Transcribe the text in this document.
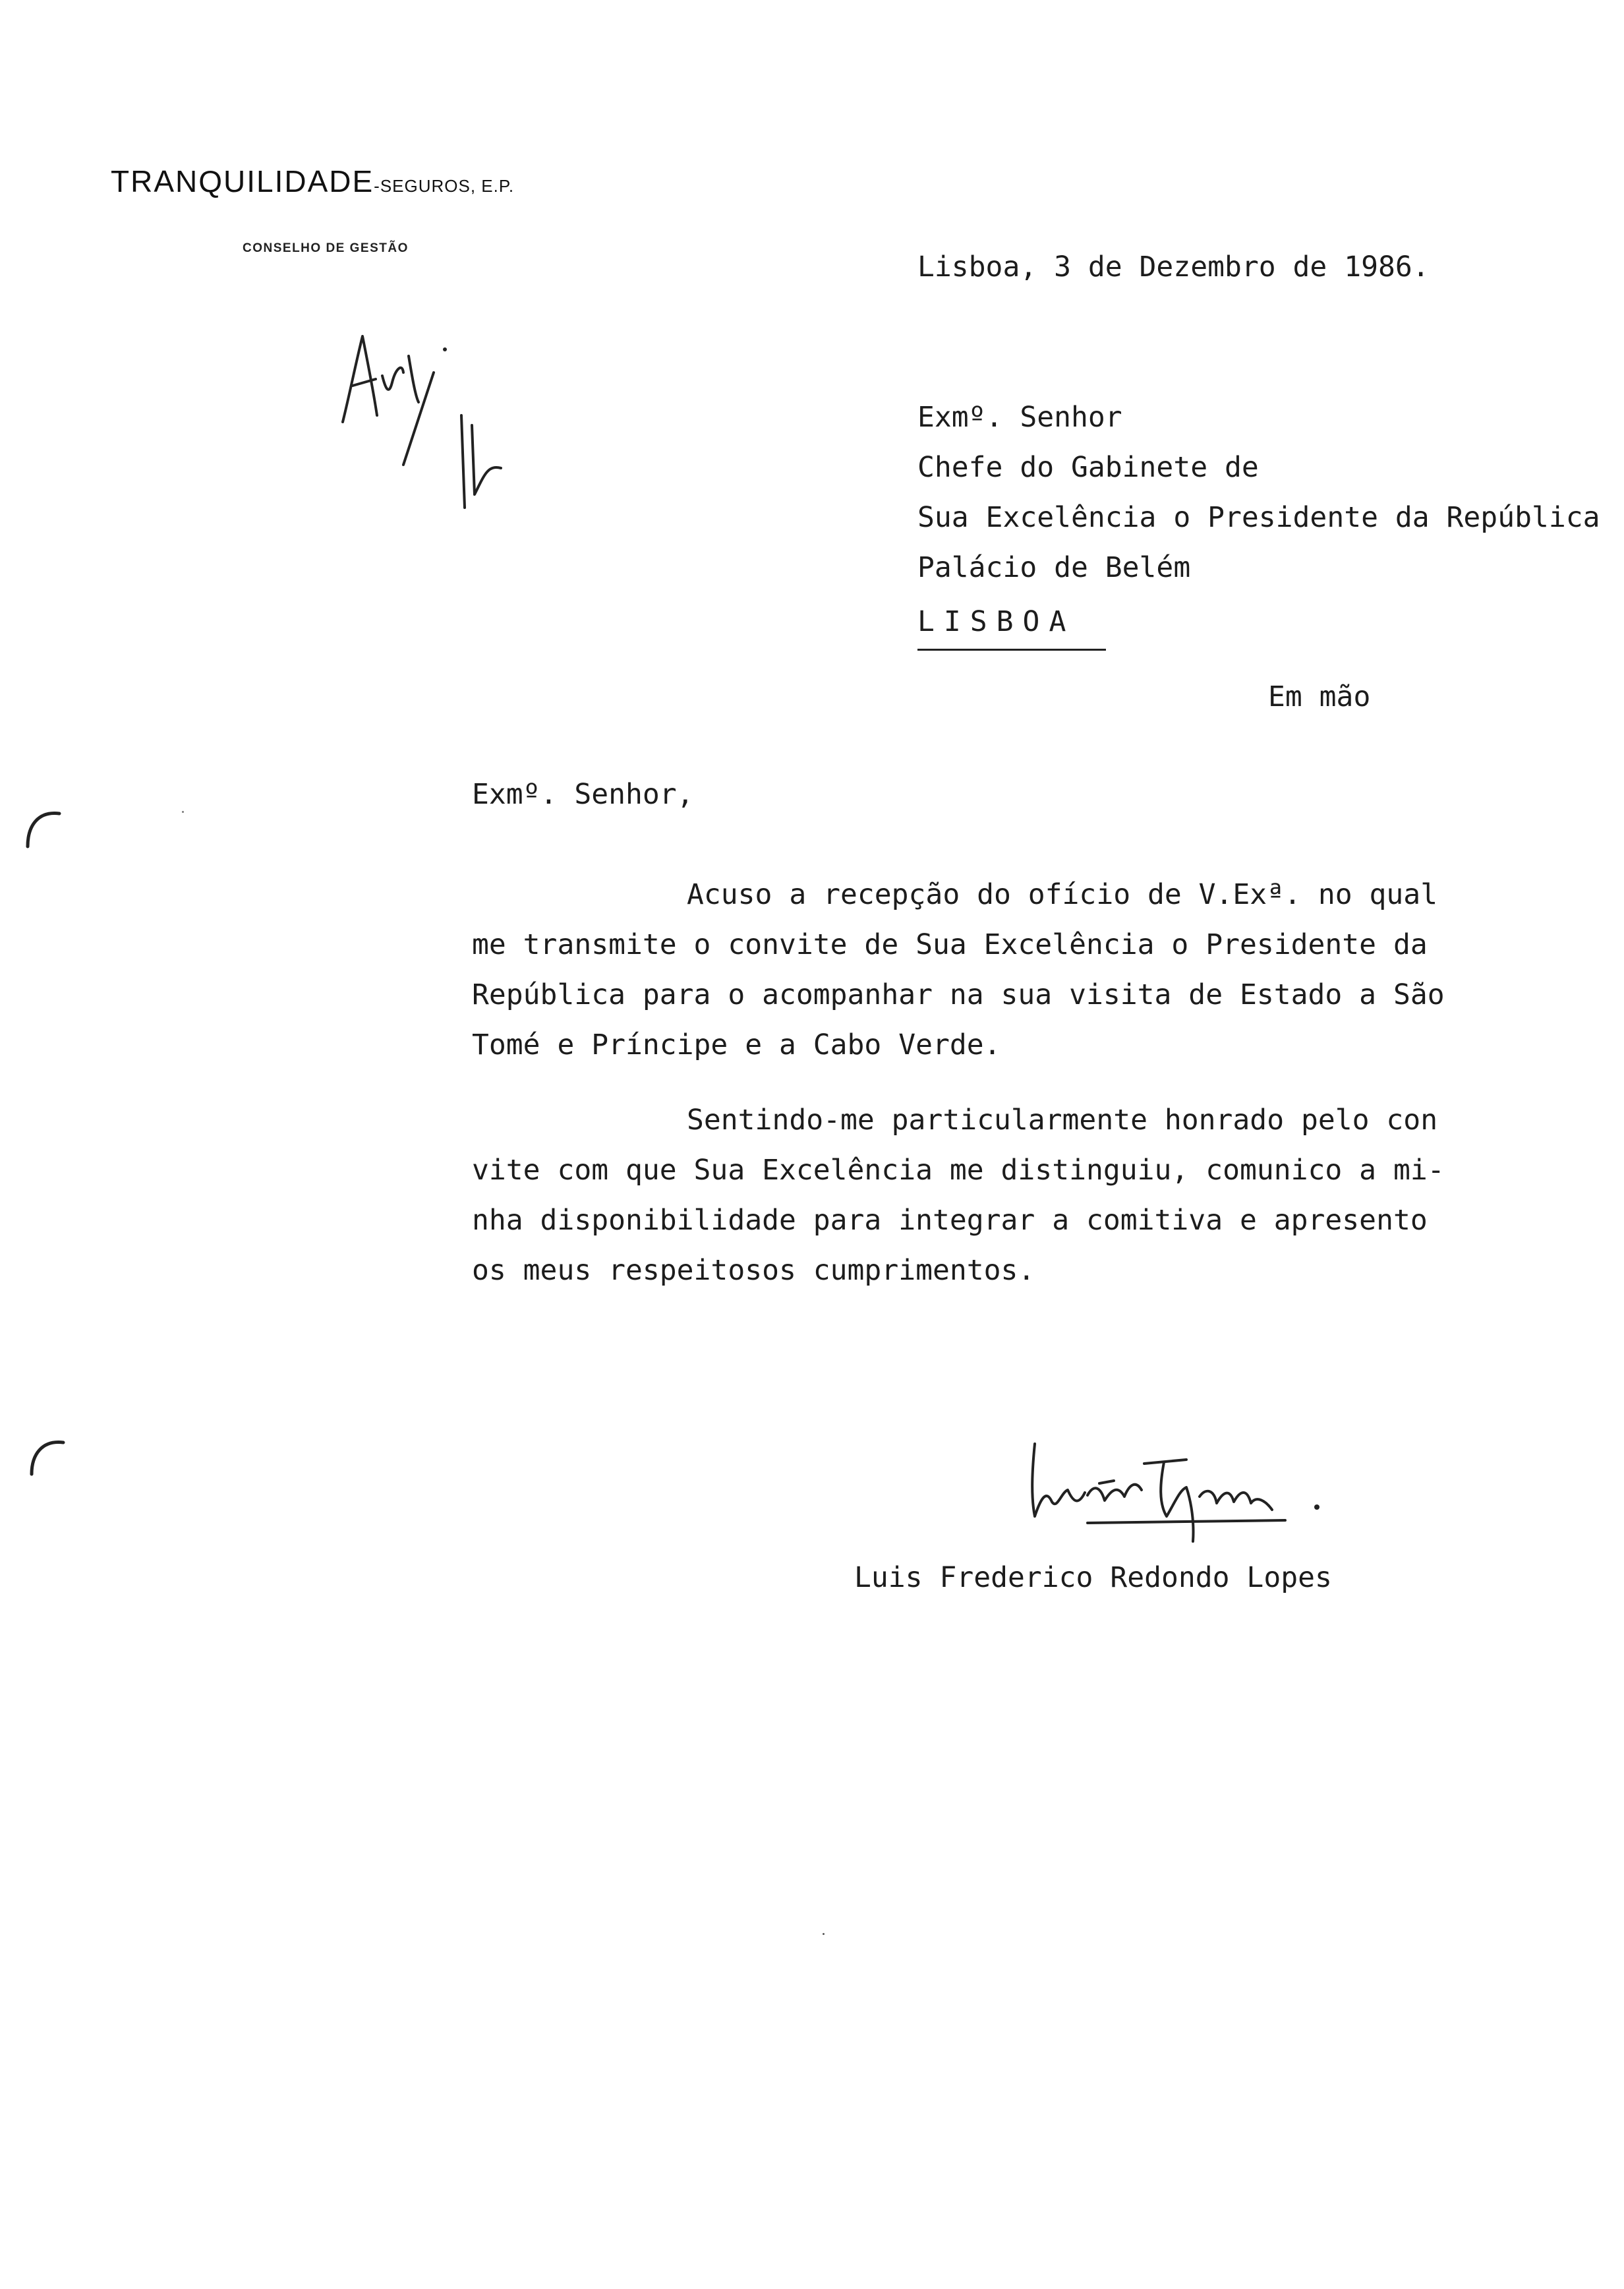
TRANQUILIDADE-SEGUROS, E.P.
CONSELHO DE GESTÃO
Lisboa, 3 de Dezembro de 1986.
Exmº. Senhor
Chefe do Gabinete de
Sua Excelência o Presidente da República
Palácio de Belém
LISBOA
Em mão
Exmº. Senhor,
Acuso a recepção do ofício de V.Exª. no qual
me transmite o convite de Sua Excelência o Presidente da
República para o acompanhar na sua visita de Estado a São
Tomé e Príncipe e a Cabo Verde.
Sentindo-me particularmente honrado pelo con
vite com que Sua Excelência me distinguiu, comunico a mi-
nha disponibilidade para integrar a comitiva e apresento
os meus respeitosos cumprimentos.
Luis Frederico Redondo Lopes
